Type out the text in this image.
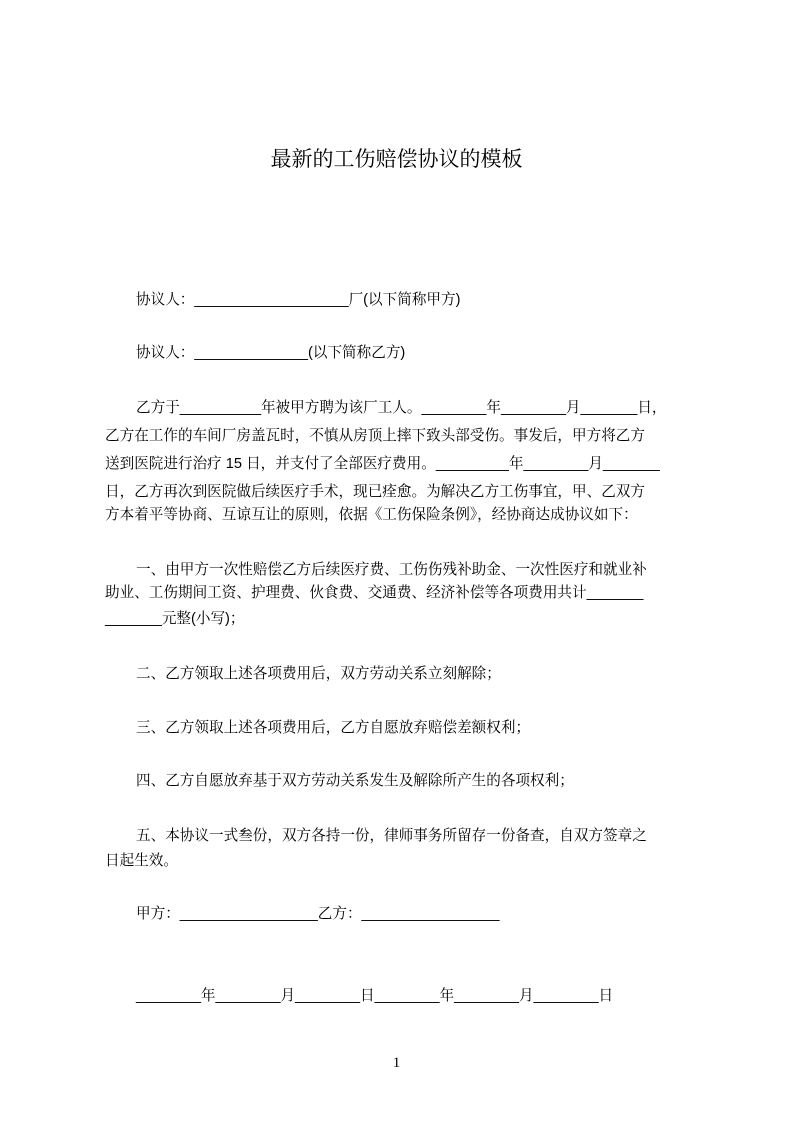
最新的工伤赔偿协议的模板
协议人：___________________厂(以下简称甲方)
协议人：______________(以下简称乙方)
乙方于__________年被甲方聘为该厂工人。________年________月_______日，
乙方在工作的车间厂房盖瓦时，不慎从房顶上摔下致头部受伤。事发后，甲方将乙方
送到医院进行治疗 15 日，并支付了全部医疗费用。_________年________月_______
日，乙方再次到医院做后续医疗手术，现已痊愈。为解决乙方工伤事宜，甲、乙双方
方本着平等协商、互谅互让的原则，依据《工伤保险条例》，经协商达成协议如下：
一、由甲方一次性赔偿乙方后续医疗费、工伤伤残补助金、一次性医疗和就业补
助业、工伤期间工资、护理费、伙食费、交通费、经济补偿等各项费用共计_______
_______元整(小写)；
二、乙方领取上述各项费用后，双方劳动关系立刻解除；
三、乙方领取上述各项费用后，乙方自愿放弃赔偿差额权利；
四、乙方自愿放弃基于双方劳动关系发生及解除所产生的各项权利；
五、本协议一式叁份，双方各持一份，律师事务所留存一份备查，自双方签章之
日起生效。
甲方：_________________乙方：_________________
________年________月________日________年________月________日
1
